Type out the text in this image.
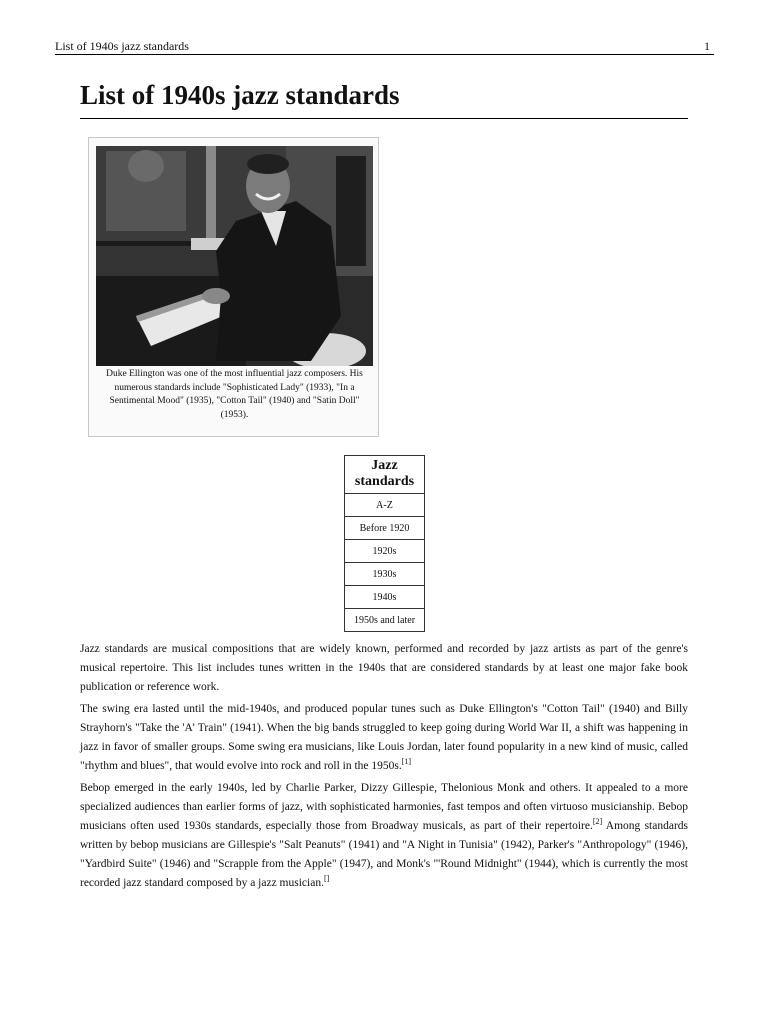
List of 1940s jazz standards	1
List of 1940s jazz standards
Duke Ellington was one of the most influential jazz composers. His numerous standards include "Sophisticated Lady" (1933), "In a Sentimental Mood" (1935), "Cotton Tail" (1940) and "Satin Doll" (1953).
Jazz standards
A-Z
Before 1920
1920s
1930s
1940s
1950s and later

Jazz standards are musical compositions that are widely known, performed and recorded by jazz artists as part of the genre's musical repertoire. This list includes tunes written in the 1940s that are considered standards by at least one major fake book publication or reference work.

The swing era lasted until the mid-1940s, and produced popular tunes such as Duke Ellington's "Cotton Tail" (1940) and Billy Strayhorn's "Take the 'A' Train" (1941). When the big bands struggled to keep going during World War II, a shift was happening in jazz in favor of smaller groups. Some swing era musicians, like Louis Jordan, later found popularity in a new kind of music, called "rhythm and blues", that would evolve into rock and roll in the 1950s.[1]

Bebop emerged in the early 1940s, led by Charlie Parker, Dizzy Gillespie, Thelonious Monk and others. It appealed to a more specialized audiences than earlier forms of jazz, with sophisticated harmonies, fast tempos and often virtuoso musicianship. Bebop musicians often used 1930s standards, especially those from Broadway musicals, as part of their repertoire.[2] Among standards written by bebop musicians are Gillespie's "Salt Peanuts" (1941) and "A Night in Tunisia" (1942), Parker's "Anthropology" (1946), "Yardbird Suite" (1946) and "Scrapple from the Apple" (1947), and Monk's "'Round Midnight" (1944), which is currently the most recorded jazz standard composed by a jazz musician.[]
